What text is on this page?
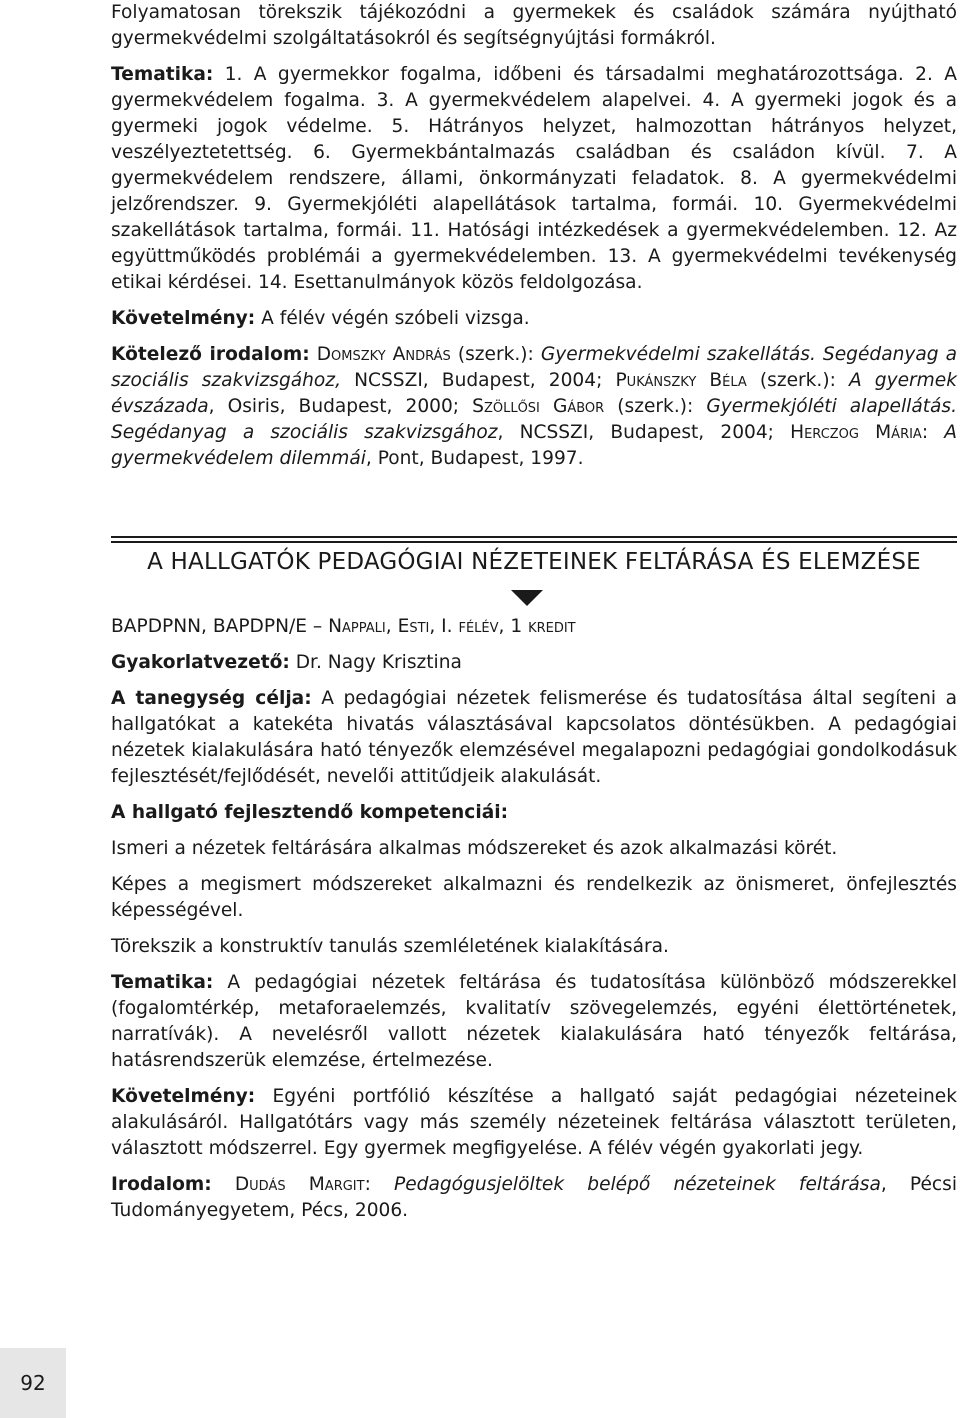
Folyamatosan törekszik tájékozódni a gyermekek és családok számára nyújtható gyermekvédelmi szolgáltatásokról és segítségnyújtási formákról.

Tematika: 1. A gyermekkor fogalma, időbeni és társadalmi meghatározottsága. 2. A gyermekvédelem fogalma. 3. A gyermekvédelem alapelvei. 4. A gyermeki jogok és a gyermeki jogok védelme. 5. Hátrányos helyzet, halmozottan hátrányos helyzet, veszélyeztetettség. 6. Gyermekbántalmazás családban és családon kívül. 7. A gyermekvédelem rendszere, állami, önkormányzati feladatok. 8. A gyermekvédelmi jelzőrendszer. 9. Gyermekjóléti alapellátások tartalma, formái. 10. Gyermekvédelmi szakellátások tartalma, formái. 11. Hatósági intézkedések a gyermekvédelemben. 12. Az együttműködés problémái a gyermekvédelemben. 13. A gyermekvédelmi tevékenység etikai kérdései. 14. Esettanulmányok közös feldolgozása.

Követelmény: A félév végén szóbeli vizsga.

Kötelező irodalom: Domszky András (szerk.): Gyermekvédelmi szakellátás. Segédanyag a szociális szakvizsgához, NCSSZI, Budapest, 2004; Pukánszky Béla (szerk.): A gyermek évszázada, Osiris, Budapest, 2000; Szöllősi Gábor (szerk.): Gyermekjóléti alapellátás. Segédanyag a szociális szakvizsgához, NCSSZI, Budapest, 2004; Herczog Mária: A gyermekvédelem dilemmái, Pont, Budapest, 1997.

A HALLGATÓK PEDAGÓGIAI NÉZETEINEK FELTÁRÁSA ÉS ELEMZÉSE

BAPDPNN, BAPDPN/E – Nappali, Esti, I. félév, 1 kredit

Gyakorlatvezető: Dr. Nagy Krisztina

A tanegység célja: A pedagógiai nézetek felismerése és tudatosítása által segíteni a hallgatókat a katekéta hivatás választásával kapcsolatos döntésükben. A pedagógiai nézetek kialakulására ható tényezők elemzésével megalapozni pedagógiai gondolkodásuk fejlesztését/fejlődését, nevelői attitűdjeik alakulását.

A hallgató fejlesztendő kompetenciái:

Ismeri a nézetek feltárására alkalmas módszereket és azok alkalmazási körét.

Képes a megismert módszereket alkalmazni és rendelkezik az önismeret, önfejlesztés képességével.

Törekszik a konstruktív tanulás szemléletének kialakítására.

Tematika: A pedagógiai nézetek feltárása és tudatosítása különböző módszerekkel (fogalomtérkép, metaforaelemzés, kvalitatív szövegelemzés, egyéni élettörténetek, narratívák). A nevelésről vallott nézetek kialakulására ható tényezők feltárása, hatásrendszerük elemzése, értelmezése.

Követelmény: Egyéni portfólió készítése a hallgató saját pedagógiai nézeteinek alakulásáról. Hallgatótárs vagy más személy nézeteinek feltárása választott területen, választott módszerrel. Egy gyermek megfigyelése. A félév végén gyakorlati jegy.

Irodalom: Dudás Margit: Pedagógusjelöltek belépő nézeteinek feltárása, Pécsi Tudományegyetem, Pécs, 2006.

92
